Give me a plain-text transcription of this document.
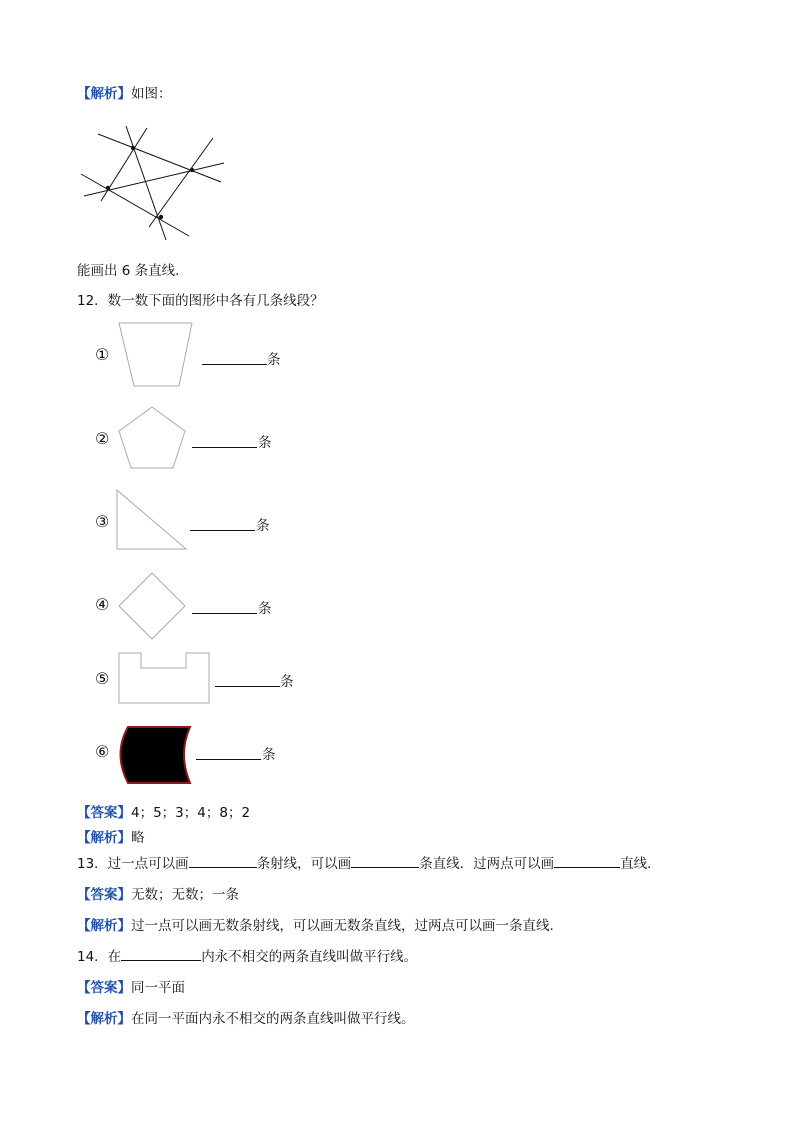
【解析】如图：
能画出 6 条直线.
12．数一数下面的图形中各有几条线段？
①	条
②	条
③	条
④	条
⑤	条
⑥	条
【答案】4；5；3；4；8；2
【解析】略
13．过一点可以画	条射线，可以画	条直线．过两点可以画	直线．
【答案】无数；无数；一条
【解析】过一点可以画无数条射线，可以画无数条直线，过两点可以画一条直线.
14．在	内永不相交的两条直线叫做平行线。
【答案】同一平面
【解析】在同一平面内永不相交的两条直线叫做平行线。
